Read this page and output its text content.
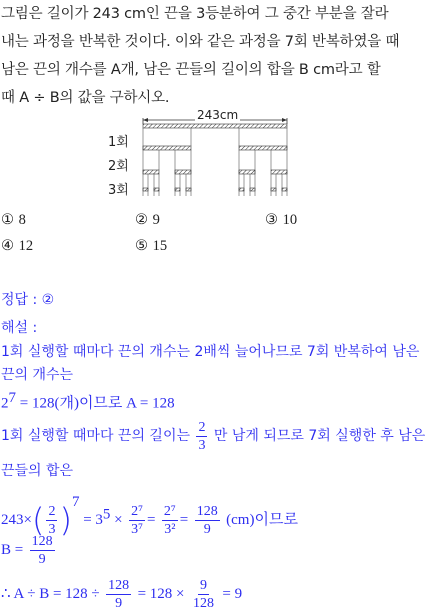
그림은 길이가 243 cm인 끈을 3등분하여 그 중간 부분을 잘라
내는 과정을 반복한 것이다. 이와 같은 과정을 7회 반복하였을 때
남은 끈의 개수를 A개, 남은 끈들의 길이의 합을 B cm라고 할
때 A ÷ B의 값을 구하시오.
243cm
1회
2회
3회
① 8	② 9	③ 10
④ 12	⑤ 15
정답 : ②
해설 :
1회 실행할 때마다 끈의 개수는 2배씩 늘어나므로 7회 반복하여 남은
끈의 개수는
$2^7 = 128$(개)이므로 A = 128
1회 실행할 때마다 끈의 길이는 $\frac{2}{3}$ 만 남게 되므로 7회 실행한 후 남은
끈들의 합은
$243\times( \frac{2}{3} )^7 = 3^5 \times \frac{\text{2⁷}}{\text{3⁷}} = \frac{\text{2⁷}}{\text{3²}} = \frac{128}{9} (cm)$이므로
$B = \frac{128}{9}$
∴ $A \div B = 128 \div \frac{128}{9} = 128 \times \frac{9}{128} = 9$
